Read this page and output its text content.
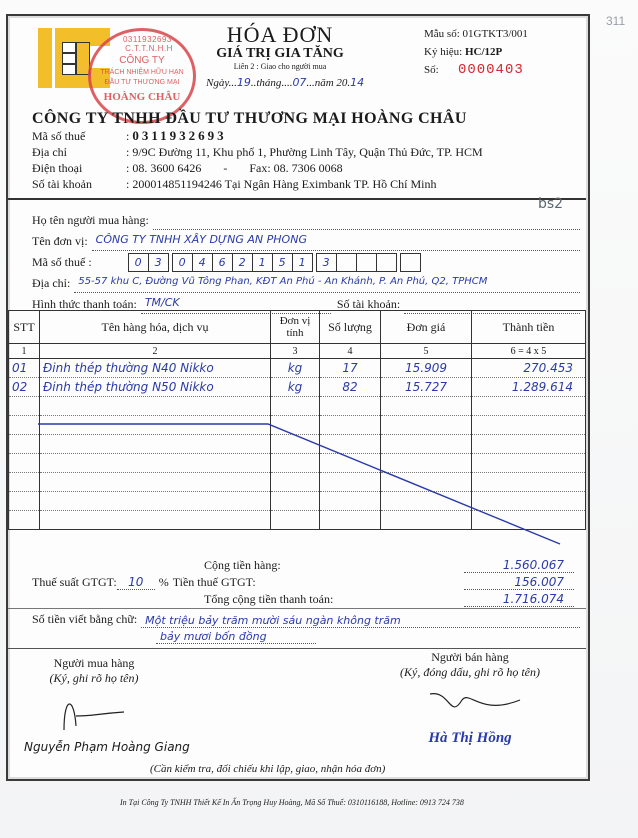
311
0311932693-C.T.T.N.H.H
CÔNG TY
TRÁCH NHIỆM HỮU HẠN
ĐẦU TƯ THƯƠNG MẠI
HOÀNG CHÂU
HÓA ĐƠN
GIÁ TRỊ GIA TĂNG
Liên 2 : Giao cho người mua
Ngày...19..tháng....07...năm 20.14
Mẫu số: 01GTKT3/001
Ký hiệu: HC/12P
Số: 0000403
CÔNG TY TNHH ĐẦU TƯ THƯƠNG MẠI HOÀNG CHÂU
Mã số thuế	: 0311932693
Địa chỉ	: 9/9C Đường 11, Khu phố 1, Phường Linh Tây, Quận Thủ Đức, TP. HCM
Điện thoại	: 08. 3600 6426 - Fax: 08. 7306 0068
Số tài khoản	: 200014851194246 Tại Ngân Hàng Eximbank TP. Hồ Chí Minh
bs2
Họ tên người mua hàng:
Tên đơn vị: CÔNG TY TNHH XÂY DỰNG AN PHONG
Mã số thuế :	0	3	0	4	6	2	1	5	1	3
Địa chỉ: 55-57 khu C, Đường Vũ Tông Phan, KĐT An Phú - An Khánh, P. An Phú, Q2, TPHCM
Hình thức thanh toán: TM/CK	Số tài khoản:
STT	Tên hàng hóa, dịch vụ	Đơn vị tính	Số lượng	Đơn giá	Thành tiền
1	2	3	4	5	6 = 4 x 5
01	Đinh thép thường N40 Nikko	kg	17	15.909	270.453
02	Đinh thép thường N50 Nikko	kg	82	15.727	1.289.614

Cộng tiền hàng:	1.560.067
Thuế suất GTGT: 10	% Tiền thuế GTGT:	156.007
Tổng cộng tiền thanh toán:	1.716.074
Số tiền viết bằng chữ: Một triệu bảy trăm mười sáu ngàn không trăm
bảy mươi bốn đồng
Người mua hàng
(Ký, ghi rõ họ tên)
Nguyễn Phạm Hoàng Giang
Người bán hàng
(Ký, đóng dấu, ghi rõ họ tên)
Hà Thị Hồng
(Cần kiểm tra, đối chiếu khi lập, giao, nhận hóa đơn)
In Tại Công Ty TNHH Thiết Kế In Ấn Trọng Huy Hoàng, Mã Số Thuế: 0310116188, Hotline: 0913 724 738
